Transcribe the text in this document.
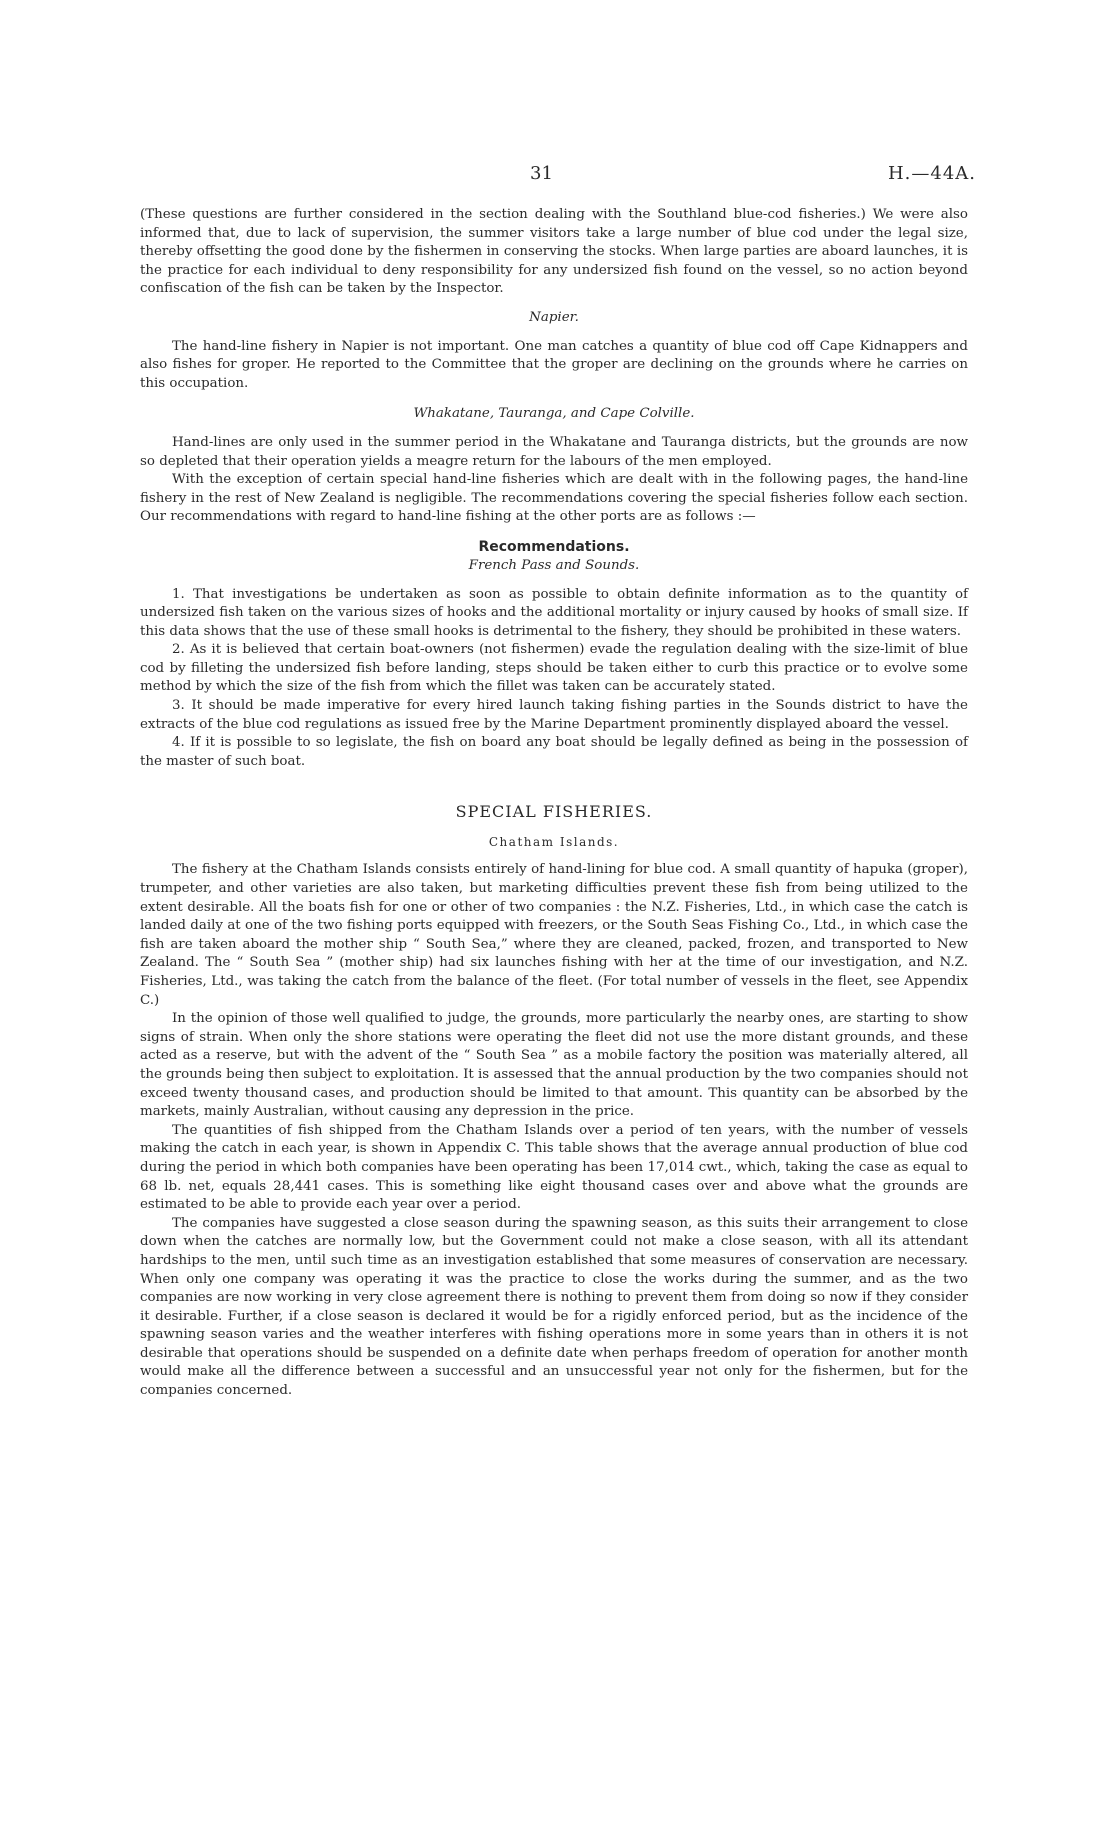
31	H.—44A.

(These questions are further considered in the section dealing with the Southland blue-cod fisheries.) We were also informed that, due to lack of supervision, the summer visitors take a large number of blue cod under the legal size, thereby offsetting the good done by the fishermen in conserving the stocks. When large parties are aboard launches, it is the practice for each individual to deny responsibility for any undersized fish found on the vessel, so no action beyond confiscation of the fish can be taken by the Inspector.

Napier.

The hand-line fishery in Napier is not important. One man catches a quantity of blue cod off Cape Kidnappers and also fishes for groper. He reported to the Committee that the groper are declining on the grounds where he carries on this occupation.

Whakatane, Tauranga, and Cape Colville.

Hand-lines are only used in the summer period in the Whakatane and Tauranga districts, but the grounds are now so depleted that their operation yields a meagre return for the labours of the men employed.

With the exception of certain special hand-line fisheries which are dealt with in the following pages, the hand-line fishery in the rest of New Zealand is negligible. The recommendations covering the special fisheries follow each section. Our recommendations with regard to hand-line fishing at the other ports are as follows :—

Recommendations.

French Pass and Sounds.

1. That investigations be undertaken as soon as possible to obtain definite information as to the quantity of undersized fish taken on the various sizes of hooks and the additional mortality or injury caused by hooks of small size. If this data shows that the use of these small hooks is detrimental to the fishery, they should be prohibited in these waters.

2. As it is believed that certain boat-owners (not fishermen) evade the regulation dealing with the size-limit of blue cod by filleting the undersized fish before landing, steps should be taken either to curb this practice or to evolve some method by which the size of the fish from which the fillet was taken can be accurately stated.

3. It should be made imperative for every hired launch taking fishing parties in the Sounds district to have the extracts of the blue cod regulations as issued free by the Marine Department prominently displayed aboard the vessel.

4. If it is possible to so legislate, the fish on board any boat should be legally defined as being in the possession of the master of such boat.

SPECIAL FISHERIES.

Chatham Islands.

The fishery at the Chatham Islands consists entirely of hand-lining for blue cod. A small quantity of hapuka (groper), trumpeter, and other varieties are also taken, but marketing difficulties prevent these fish from being utilized to the extent desirable. All the boats fish for one or other of two companies : the N.Z. Fisheries, Ltd., in which case the catch is landed daily at one of the two fishing ports equipped with freezers, or the South Seas Fishing Co., Ltd., in which case the fish are taken aboard the mother ship “ South Sea,” where they are cleaned, packed, frozen, and transported to New Zealand. The “ South Sea ” (mother ship) had six launches fishing with her at the time of our investigation, and N.Z. Fisheries, Ltd., was taking the catch from the balance of the fleet. (For total number of vessels in the fleet, see Appendix C.)

In the opinion of those well qualified to judge, the grounds, more particularly the nearby ones, are starting to show signs of strain. When only the shore stations were operating the fleet did not use the more distant grounds, and these acted as a reserve, but with the advent of the “ South Sea ” as a mobile factory the position was materially altered, all the grounds being then subject to exploitation. It is assessed that the annual production by the two companies should not exceed twenty thousand cases, and production should be limited to that amount. This quantity can be absorbed by the markets, mainly Australian, without causing any depression in the price.

The quantities of fish shipped from the Chatham Islands over a period of ten years, with the number of vessels making the catch in each year, is shown in Appendix C. This table shows that the average annual production of blue cod during the period in which both companies have been operating has been 17,014 cwt., which, taking the case as equal to 68 lb. net, equals 28,441 cases. This is something like eight thousand cases over and above what the grounds are estimated to be able to provide each year over a period.

The companies have suggested a close season during the spawning season, as this suits their arrangement to close down when the catches are normally low, but the Government could not make a close season, with all its attendant hardships to the men, until such time as an investigation established that some measures of conservation are necessary. When only one company was operating it was the practice to close the works during the summer, and as the two companies are now working in very close agreement there is nothing to prevent them from doing so now if they consider it desirable. Further, if a close season is declared it would be for a rigidly enforced period, but as the incidence of the spawning season varies and the weather interferes with fishing operations more in some years than in others it is not desirable that operations should be suspended on a definite date when perhaps freedom of operation for another month would make all the difference between a successful and an unsuccessful year not only for the fishermen, but for the companies concerned.
